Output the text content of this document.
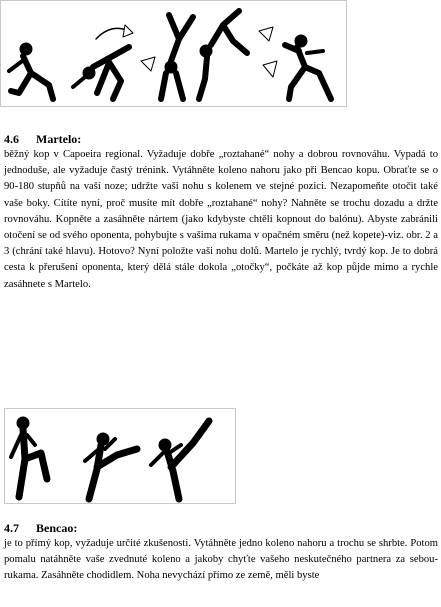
4.6 Martelo:
běžný kop v Capoeira regional. Vyžaduje dobře „roztahané“ nohy a dobrou rovnováhu. Vypadá to jednoduše, ale vyžaduje častý trénink. Vytáhněte koleno nahoru jako při Bencao kopu. Obraťte se o 90-180 stupňů na vaší noze; udržte vaši nohu s kolenem ve stejné pozici. Nezapomeňte otočit také vaše boky. Cítíte nyní, proč musíte mít dobře „roztahané“ nohy? Nahněte se trochu dozadu a držte rovnováhu. Kopněte a zasáhněte nártem (jako kdybyste chtěli kopnout do balónu). Abyste zabránili otočení se od svého oponenta, pohybujte s vašima rukama v opačném směru (než kopete)-viz. obr. 2 a 3 (chrání také hlavu). Hotovo? Nyní položte vaši nohu dolů. Martelo je rychlý, tvrdý kop. Je to dobrá cesta k přerušení oponenta, který dělá stále dokola „otočky“, počkáte až kop půjde mimo a rychle zasáhnete s Martelo.
4.7 Bencao:
je to přímý kop, vyžaduje určité zkušenosti. Vytáhněte jedno koleno nahoru a trochu se shrbte. Potom pomalu natáhněte vaše zvednuté koleno a jakoby chyťte vašeho neskutečného partnera za sebou-rukama. Zasáhněte chodidlem. Noha nevychází přímo ze země, měli byste
